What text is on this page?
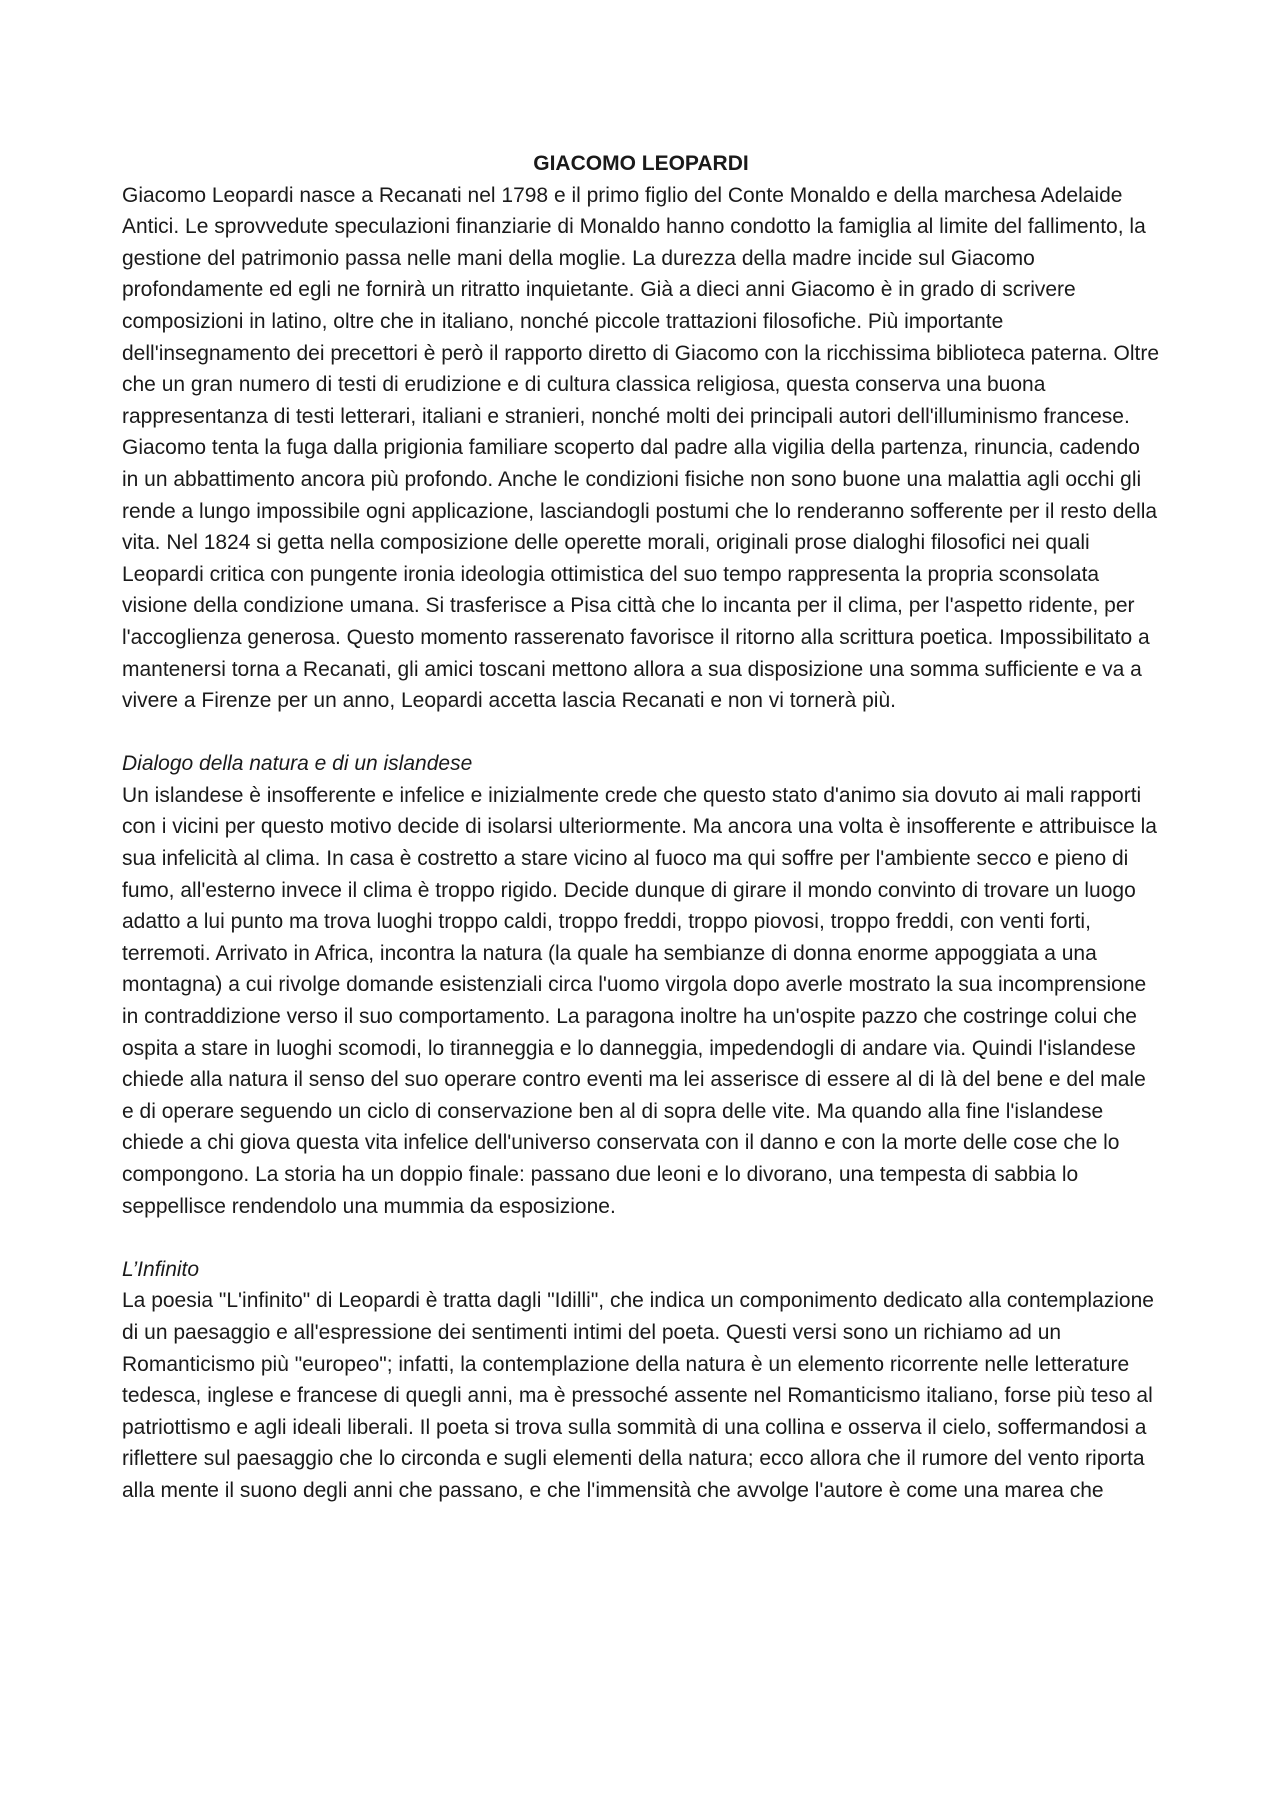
GIACOMO LEOPARDI
Giacomo Leopardi nasce a Recanati nel 1798 e il primo figlio del Conte Monaldo e della marchesa Adelaide Antici. Le sprovvedute speculazioni finanziarie di Monaldo hanno condotto la famiglia al limite del fallimento, la gestione del patrimonio passa nelle mani della moglie. La durezza della madre incide sul Giacomo profondamente ed egli ne fornirà un ritratto inquietante. Già a dieci anni Giacomo è in grado di scrivere composizioni in latino, oltre che in italiano, nonché piccole trattazioni filosofiche. Più importante dell'insegnamento dei precettori è però il rapporto diretto di Giacomo con la ricchissima biblioteca paterna. Oltre che un gran numero di testi di erudizione e di cultura classica religiosa, questa conserva una buona rappresentanza di testi letterari, italiani e stranieri, nonché molti dei principali autori dell'illuminismo francese. Giacomo tenta la fuga dalla prigionia familiare scoperto dal padre alla vigilia della partenza, rinuncia, cadendo in un abbattimento ancora più profondo. Anche le condizioni fisiche non sono buone una malattia agli occhi gli rende a lungo impossibile ogni applicazione, lasciandogli postumi che lo renderanno sofferente per il resto della vita. Nel 1824 si getta nella composizione delle operette morali, originali prose dialoghi filosofici nei quali Leopardi critica con pungente ironia ideologia ottimistica del suo tempo rappresenta la propria sconsolata visione della condizione umana. Si trasferisce a Pisa città che lo incanta per il clima, per l'aspetto ridente, per l'accoglienza generosa. Questo momento rasserenato favorisce il ritorno alla scrittura poetica. Impossibilitato a mantenersi torna a Recanati, gli amici toscani mettono allora a sua disposizione una somma sufficiente e va a vivere a Firenze per un anno, Leopardi accetta lascia Recanati e non vi tornerà più.
Dialogo della natura e di un islandese
Un islandese è insofferente e infelice e inizialmente crede che questo stato d'animo sia dovuto ai mali rapporti con i vicini per questo motivo decide di isolarsi ulteriormente. Ma ancora una volta è insofferente e attribuisce la sua infelicità al clima. In casa è costretto a stare vicino al fuoco ma qui soffre per l'ambiente secco e pieno di fumo, all'esterno invece il clima è troppo rigido. Decide dunque di girare il mondo convinto di trovare un luogo adatto a lui punto ma trova luoghi troppo caldi, troppo freddi, troppo piovosi, troppo freddi, con venti forti, terremoti. Arrivato in Africa, incontra la natura (la quale ha sembianze di donna enorme appoggiata a una montagna) a cui rivolge domande esistenziali circa l'uomo virgola dopo averle mostrato la sua incomprensione in contraddizione verso il suo comportamento. La paragona inoltre ha un'ospite pazzo che costringe colui che ospita a stare in luoghi scomodi, lo tiranneggia e lo danneggia, impedendogli di andare via. Quindi l'islandese chiede alla natura il senso del suo operare contro eventi ma lei asserisce di essere al di là del bene e del male e di operare seguendo un ciclo di conservazione ben al di sopra delle vite. Ma quando alla fine l'islandese chiede a chi giova questa vita infelice dell'universo conservata con il danno e con la morte delle cose che lo compongono. La storia ha un doppio finale: passano due leoni e lo divorano, una tempesta di sabbia lo seppellisce rendendolo una mummia da esposizione.
L’Infinito
La poesia "L'infinito" di Leopardi è tratta dagli "Idilli", che indica un componimento dedicato alla contemplazione di un paesaggio e all'espressione dei sentimenti intimi del poeta. Questi versi sono un richiamo ad un Romanticismo più "europeo"; infatti, la contemplazione della natura è un elemento ricorrente nelle letterature tedesca, inglese e francese di quegli anni, ma è pressoché assente nel Romanticismo italiano, forse più teso al patriottismo e agli ideali liberali. Il poeta si trova sulla sommità di una collina e osserva il cielo, soffermandosi a riflettere sul paesaggio che lo circonda e sugli elementi della natura; ecco allora che il rumore del vento riporta alla mente il suono degli anni che passano, e che l'immensità che avvolge l'autore è come una marea che
